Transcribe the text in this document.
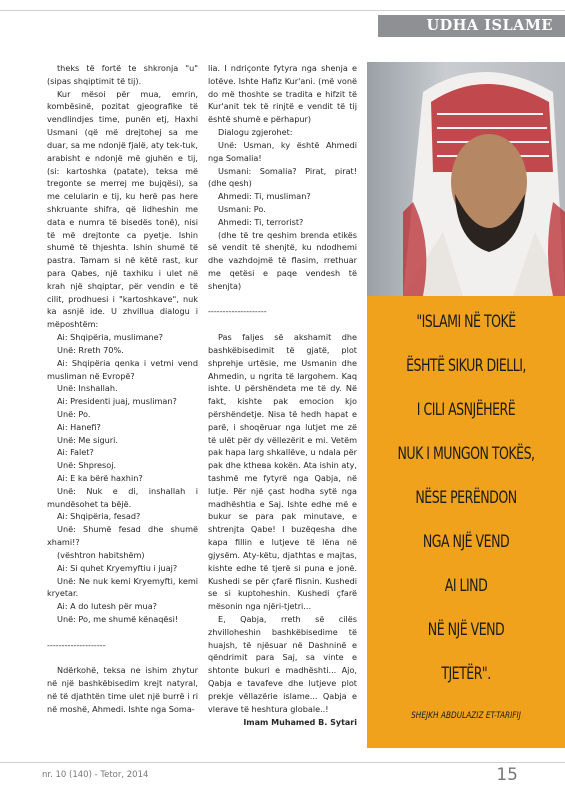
UDHA ISLAME
theks të fortë te shkronja "u" (sipas shqiptimit të tij).
Kur mësoi për mua, emrin, kombësinë, pozitat gjeografike të vendlindjes time, punën etj, Haxhi Usmani (që më drejtohej sa me duar, sa me ndonjë fjalë, aty tek-tuk, arabisht e ndonjë më gjuhën e tij, (si: kartoshka (patate), teksa më tregonte se merrej me bujqësi), sa me celularin e tij, ku herë pas here shkruante shifra, që lidheshin me data e numra të bisedës tonë), nisi të më drejtonte ca pyetje. Ishin shumë të thjeshta. Ishin shumë të pastra. Tamam si në këtë rast, kur para Qabes, një taxhiku i ulet në krah një shqiptar, për vendin e të cilit, prodhuesi i "kartoshkave", nuk ka asnjë ide. U zhvillua dialogu i mëposhtëm:
Ai: Shqipëria, muslimane?
Unë: Rreth 70%.
Ai: Shqipëria qenka i vetmi vend musliman në Evropë?
Unë: Inshallah.
Ai: Presidenti juaj, musliman?
Unë: Po.
Ai: Hanefi?
Unë: Me siguri.
Ai: Falet?
Unë: Shpresoj.
Ai: E ka bërë haxhin?
Unë: Nuk e di, inshallah i mundësohet ta bëjë.
Ai: Shqipëria, fesad?
Unë: Shumë fesad dhe shumë xhami!?
(vështron habitshëm)
Ai: Si quhet Kryemyftiu i juaj?
Unë: Ne nuk kemi Kryemyfti, kemi kryetar.
Ai: A do lutesh për mua?
Unë: Po, me shumë kënaqësi!

--------------------

Ndërkohë, teksa ne ishim zhytur në një bashkëbisedim krejt natyral, në të djathtën time ulet një burrë i ri në moshë, Ahmedi. Ishte nga Soma-
lia. I ndriçonte fytyra nga shenja e lotëve. Ishte Hafiz Kur'ani. (më vonë do më thoshte se tradita e hifzit të Kur'anit tek të rinjtë e vendit të tij është shumë e përhapur)
Dialogu zgjerohet:
Unë: Usman, ky është Ahmedi nga Somalia!
Usmani: Somalia? Pirat, pirat! (dhe qesh)
Ahmedi: Ti, musliman?
Usmani: Po.
Ahmedi: Ti, terrorist?
(dhe të tre qeshim brenda etikës së vendit të shenjtë, ku ndodhemi dhe vazhdojmë të flasim, rrethuar me qetësi e paqe vendesh të shenjta)

--------------------

Pas faljes së akshamit dhe bashkëbisedimit të gjatë, plot shprehje urtësie, me Usmanin dhe Ahmedin, u ngrita të largohem. Kaq ishte. U përshëndeta me të dy. Në fakt, kishte pak emocion kjo përshëndetje. Nisa të hedh hapat e parë, i shoqëruar nga lutjet me zë të ulët për dy vëllezërit e mi. Vetëm pak hapa larg shkallëve, u ndala për pak dhe kthева kokën. Ata ishin aty, tashmë me fytyrë nga Qabja, në lutje. Për një çast hodha sytë nga madhështia e Saj. Ishte edhe më e bukur se para pak minutave, e shtrenjta Qabe! I buzëqesha dhe kapa fillin e lutjeve të lëna në gjysëm. Aty-këtu, djathtas e majtas, kishte edhe të tjerë si puna e jonë. Kushedi se për çfarë flisnin. Kushedi se si kuptoheshin. Kushedi çfarë mësonin nga njëri-tjetri...
E, Qabja, rreth së cilës zhvilloheshin bashkëbisedime të huajsh, të njësuar në Dashninë e qëndrimit para Saj, sa vinte e shtonte bukuri e madhështi... Ajo, Qabja e tavafeve dhe lutjeve plot prekje vëllazërie islame... Qabja e vlerave të heshtura globale..!
Imam Muhamed B. Sytari
"ISLAMI NË TOKË
ËSHTË SIKUR DIELLI,
I CILI ASNJËHERË
NUK I MUNGON TOKËS,
NËSE PERËNDON
NGA NJË VEND
AI LIND
NË NJË VEND
TJETËR".
SHEJKH ABDULAZIZ ET-TARIFIJ
nr. 10 (140) - Tetor, 2014	15
